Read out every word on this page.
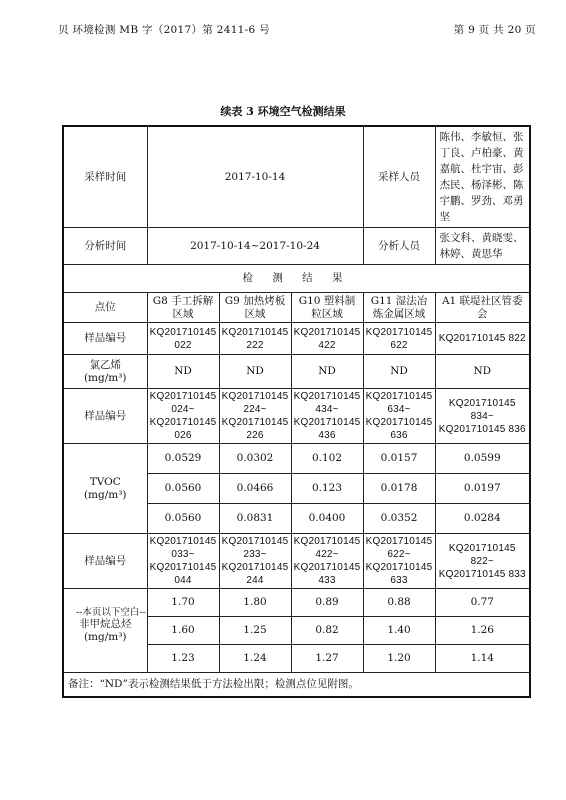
贝 环境检测 MB 字（2017）第 2411-6 号	第 9 页 共 20 页
续表 3 环境空气检测结果
采样时间	2017-10-14			采样人员	陈伟、李敏恒、张丁良、卢柏豪、黄嘉航、杜宇宙、彭杰民、杨泽彬、陈宇鹏、罗劲、邓勇坚
分析时间	2017-10-14~2017-10-24			分析人员	张文科、黄晓雯、林婷、黄思华
检 测 结 果					
点位	G8 手工拆解区域	G9 加热烤板区域	G10 塑料制粒区域	G11 湿法冶炼金属区域	A1 联堤社区管委会
样品编号	KQ201710145 022	KQ201710145 222	KQ201710145 422	KQ201710145 622	KQ201710145 822

氯乙烯
(mg/m³)	ND	ND	ND	ND	ND
样品编号	KQ201710145 024~ KQ201710145 026	KQ201710145 224~ KQ201710145 226	KQ201710145 434~ KQ201710145 436	KQ201710145 634~ KQ201710145 636	KQ201710145 834~ KQ201710145 836

TVOC
(mg/m³)	0.0529	0.0302	0.102	0.0157	0.0599
	0.0560	0.0466	0.123	0.0178	0.0197
	0.0560	0.0831	0.0400	0.0352	0.0284
样品编号	KQ201710145 033~ KQ201710145 044	KQ201710145 233~ KQ201710145 244	KQ201710145 422~ KQ201710145 433	KQ201710145 622~ KQ201710145 633	KQ201710145 822~ KQ201710145 833

非甲烷总烃
(mg/m³)	1.70	1.80	0.89	0.88	0.77
	1.60	1.25	0.82	1.40	1.26
	1.23	1.24	1.27	1.20	1.14
备注：“ND”表示检测结果低于方法检出限；检测点位见附图。					
--本页以下空白--
